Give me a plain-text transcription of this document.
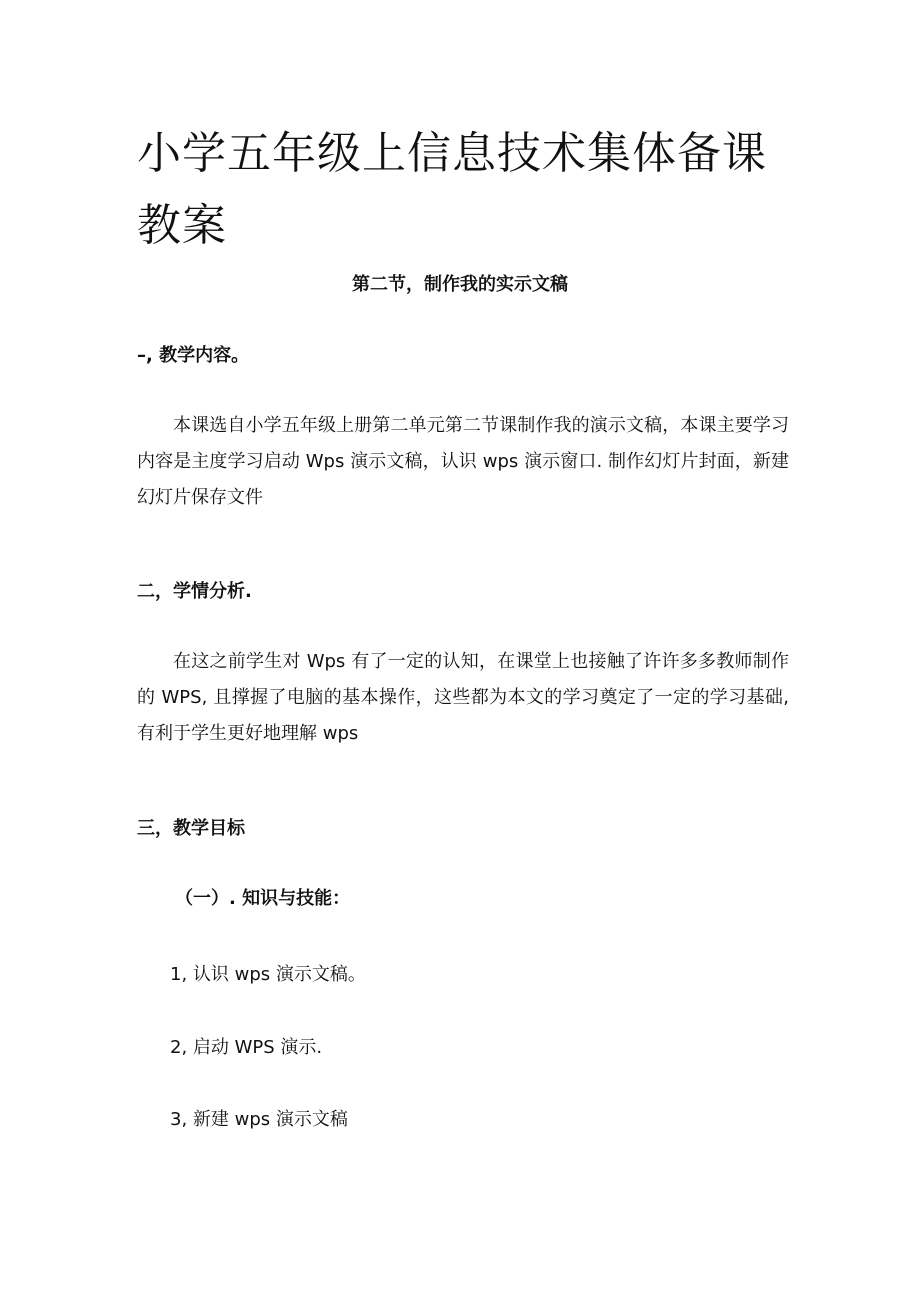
小学五年级上信息技术集体备课教案
第二节，制作我的实示文稿
–, 教学内容。

本课选自小学五年级上册第二单元第二节课制作我的演示文稿，本课主要学习内容是主度学习启动 Wps 演示文稿，认识 wps 演示窗口. 制作幻灯片封面，新建幻灯片保存文件

二，学情分析.

在这之前学生对 Wps 有了一定的认知，在课堂上也接触了许许多多教师制作的 WPS, 且撑握了电脑的基本操作，这些都为本文的学习奠定了一定的学习基础, 有利于学生更好地理解 wps

三，教学目标
（一）. 知识与技能：
1, 认识 wps 演示文稿。
2, 启动 WPS 演示.
3, 新建 wps 演示文稿
